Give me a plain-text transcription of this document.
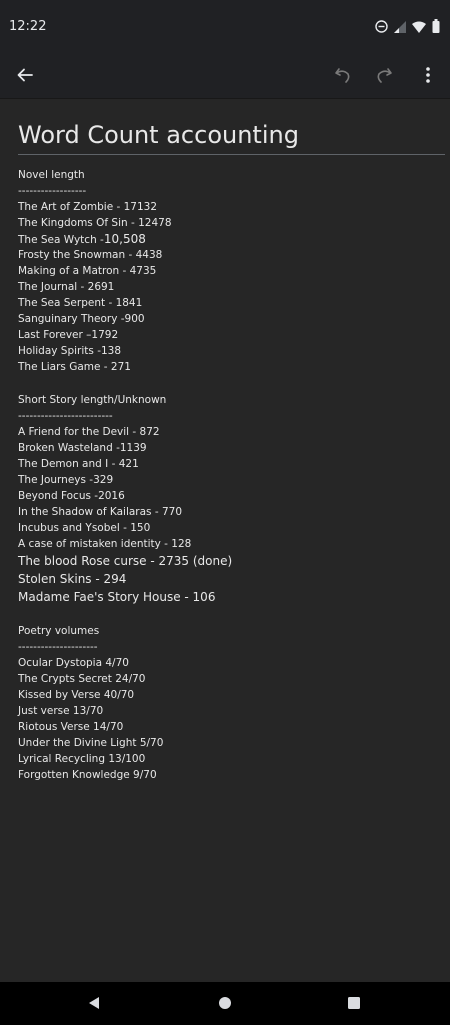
12:22
Word Count accounting
Novel length
------------------
The Art of Zombie - 17132
The Kingdoms Of Sin - 12478
The Sea Wytch -10,508
Frosty the Snowman - 4438
Making of a Matron - 4735
The Journal - 2691
The Sea Serpent - 1841
Sanguinary Theory -900
Last Forever –1792
Holiday Spirits -138
The Liars Game - 271
Short Story length/Unknown
-------------------------
A Friend for the Devil - 872
Broken Wasteland -1139
The Demon and I - 421
The Journeys -329
Beyond Focus -2016
In the Shadow of Kailaras - 770
Incubus and Ysobel - 150
A case of mistaken identity - 128
The blood Rose curse - 2735 (done)
Stolen Skins - 294
Madame Fae's Story House - 106
Poetry volumes
---------------------
Ocular Dystopia 4/70
The Crypts Secret 24/70
Kissed by Verse 40/70
Just verse 13/70
Riotous Verse 14/70
Under the Divine Light 5/70
Lyrical Recycling 13/100
Forgotten Knowledge 9/70
